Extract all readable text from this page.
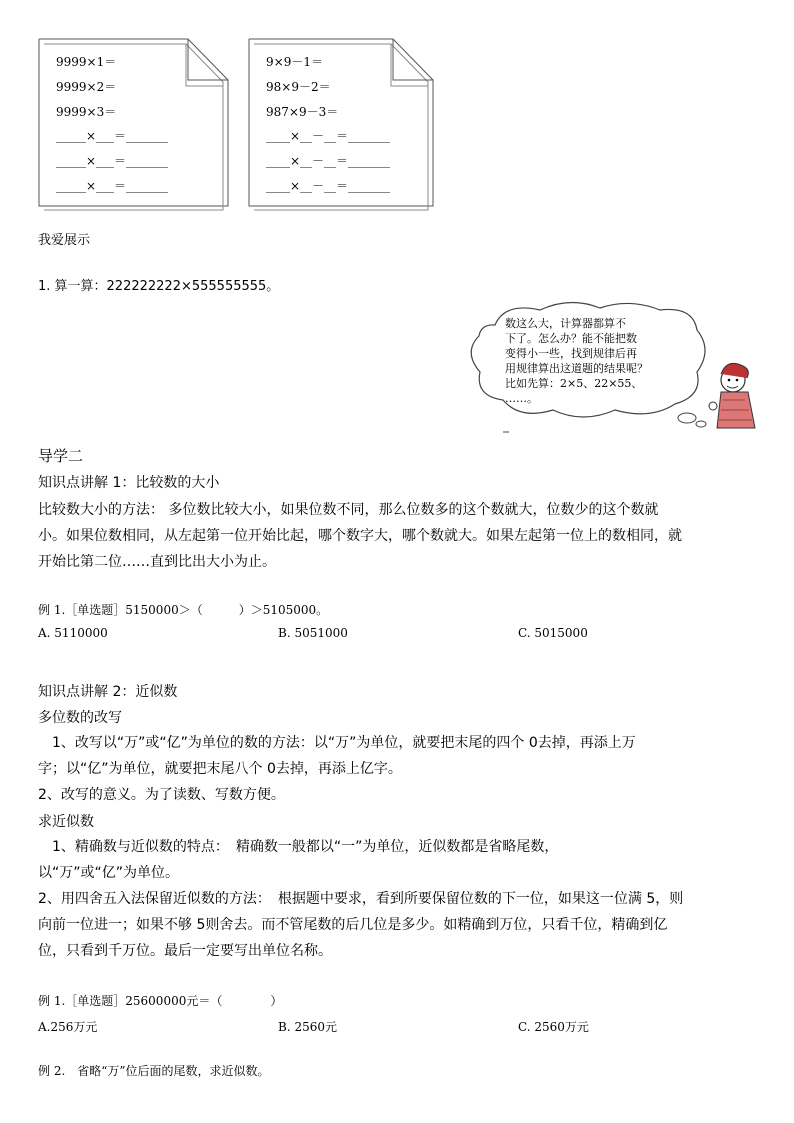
9999×1＝
9999×2＝
9999×3＝
_____×___＝_______
_____×___＝_______
_____×___＝_______
9×9－1＝
98×9－2＝
987×9－3＝
____×__－__＝_______
____×__－__＝_______
____×__－__＝_______
我爱展示
1. 算一算：222222222×555555555。
数这么大，计算器都算不
下了。怎么办？能不能把数
变得小一些，找到规律后再
用规律算出这道题的结果呢？
比如先算：2×5、22×55、
……。
导学二
知识点讲解 1：比较数的大小
比较数大小的方法： 多位数比较大小，如果位数不同，那么位数多的这个数就大，位数少的这个数就
小。如果位数相同，从左起第一位开始比起，哪个数字大，哪个数就大。如果左起第一位上的数相同，就
开始比第二位……直到比出大小为止。
例 1.［单选题］5150000＞（　　　）＞5105000。
A. 5110000	B. 5051000	C. 5015000
知识点讲解 2：近似数
多位数的改写
　1、改写以“万”或“亿”为单位的数的方法：以“万”为单位，就要把末尾的四个 0去掉，再添上万
字；以“亿”为单位，就要把末尾八个 0去掉，再添上亿字。
2、改写的意义。为了读数、写数方便。
求近似数
　1、精确数与近似数的特点：　精确数一般都以“一”为单位，近似数都是省略尾数，
以“万”或“亿”为单位。
2、用四舍五入法保留近似数的方法：　根据题中要求，看到所要保留位数的下一位，如果这一位满 5，则
向前一位进一；如果不够 5则舍去。而不管尾数的后几位是多少。如精确到万位，只看千位，精确到亿
位，只看到千万位。最后一定要写出单位名称。
例 1.［单选题］25600000元＝（　　　　）
A.256万元	B. 2560元	C. 2560万元
例 2.　省略“万”位后面的尾数，求近似数。
